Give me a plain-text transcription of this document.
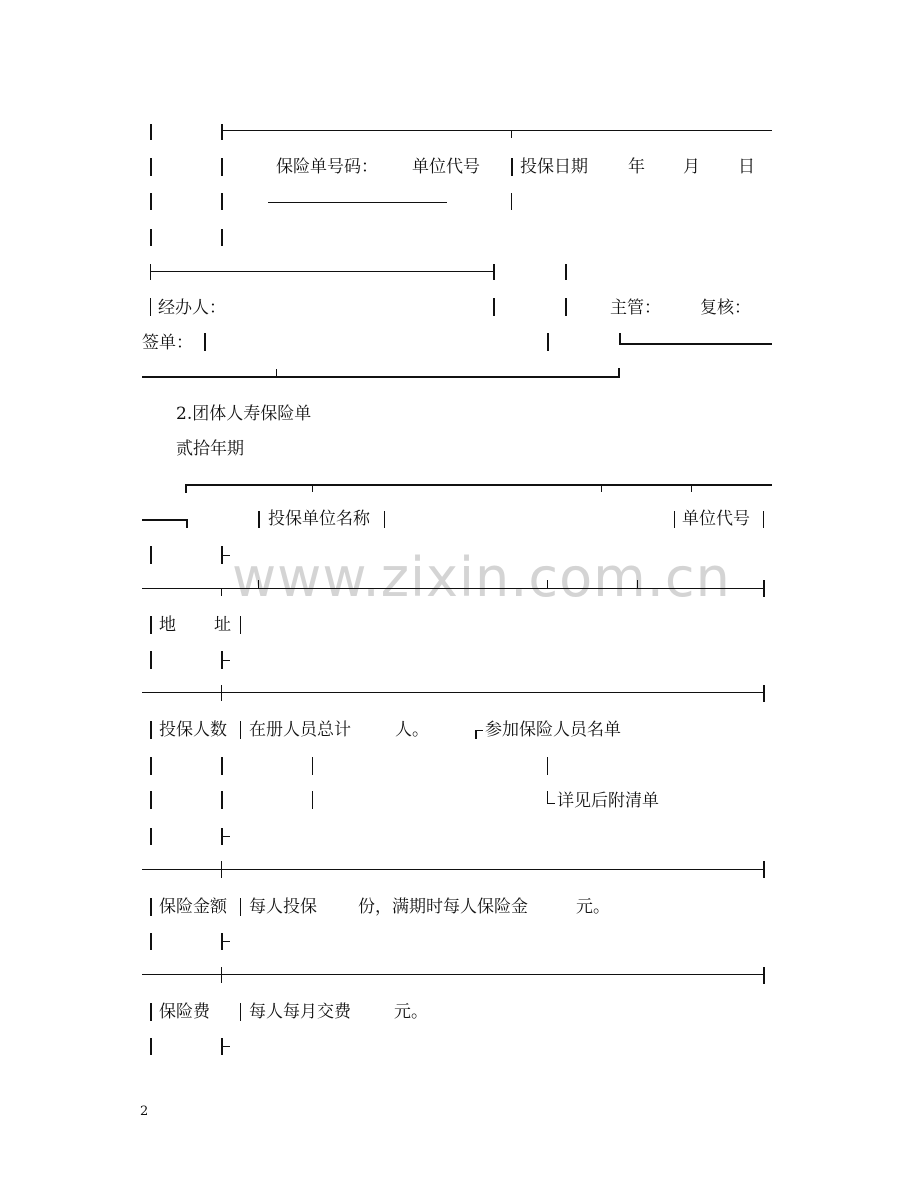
www.zixin.com.cn
保险单号码： 单位代号 投保日期 年 月 日
经办人：	主管： 复核：
签单：
2.团体人寿保险单
贰拾年期
投保单位名称	单位代号
地 址
投保人数 在册人员总计	人。	参加保险人员名单
详见后附清单
保险金额 每人投保 份，满期时每人保险金	元。
保险费 每人每月交费	元。
2
